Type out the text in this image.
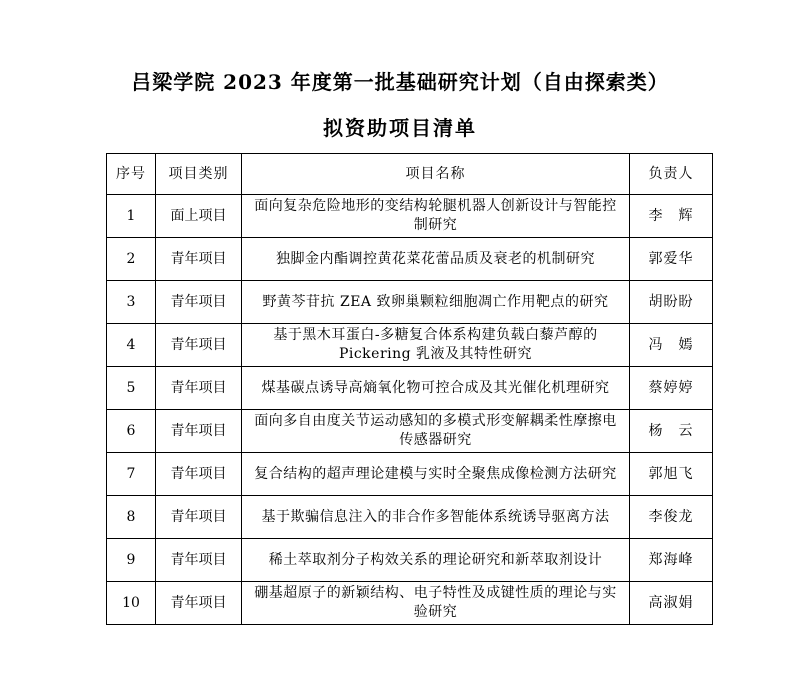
吕梁学院 2023 年度第一批基础研究计划（自由探索类）
拟资助项目清单
序号	项目类别	项目名称	负责人
1	面上项目	面向复杂危险地形的变结构轮腿机器人创新设计与智能控制研究	李　辉
2	青年项目	独脚金内酯调控黄花菜花蕾品质及衰老的机制研究	郭爱华
3	青年项目	野黄芩苷抗 ZEA 致卵巢颗粒细胞凋亡作用靶点的研究	胡盼盼
4	青年项目	基于黑木耳蛋白-多糖复合体系构建负载白藜芦醇的 Pickering 乳液及其特性研究	冯　嫣
5	青年项目	煤基碳点诱导高熵氧化物可控合成及其光催化机理研究	蔡婷婷
6	青年项目	面向多自由度关节运动感知的多模式形变解耦柔性摩擦电传感器研究	杨　云
7	青年项目	复合结构的超声理论建模与实时全聚焦成像检测方法研究	郭旭飞
8	青年项目	基于欺骗信息注入的非合作多智能体系统诱导驱离方法	李俊龙
9	青年项目	稀土萃取剂分子构效关系的理论研究和新萃取剂设计	郑海峰
10	青年项目	硼基超原子的新颖结构、电子特性及成键性质的理论与实验研究	高淑娟
